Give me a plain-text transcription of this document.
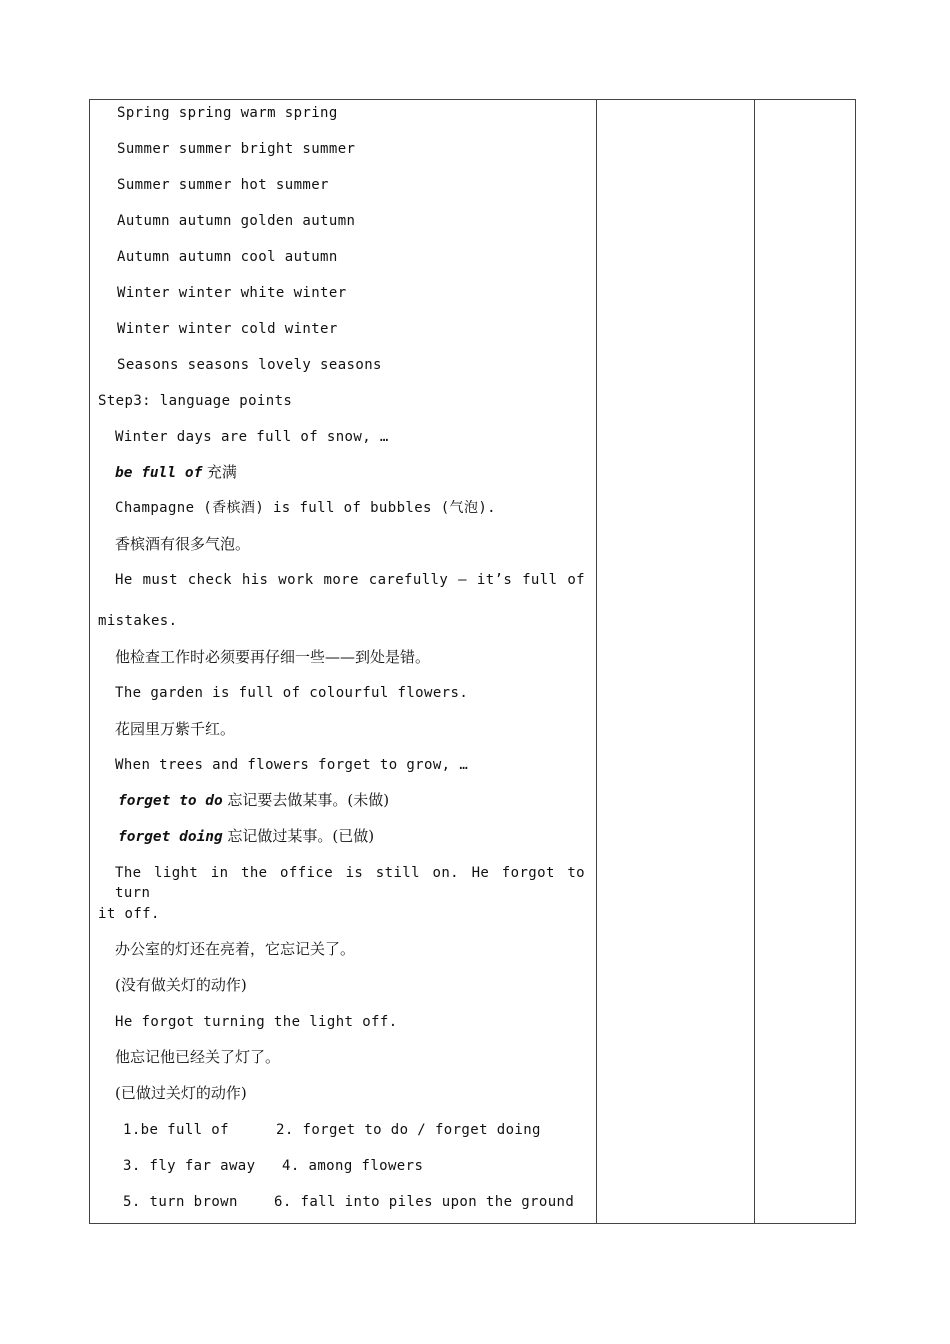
Spring spring warm spring
Summer summer bright summer
Summer summer hot summer
Autumn autumn golden autumn
Autumn autumn cool autumn
Winter winter white winter
Winter winter cold winter
Seasons seasons lovely seasons
Step3: language points
Winter days are full of snow, …
be full of 充满
Champagne (香槟酒) is full of bubbles (气泡).
香槟酒有很多气泡。
He must check his work more carefully — it’s full of
mistakes.
他检查工作时必须要再仔细一些——到处是错。
The garden is full of colourful flowers.
花园里万紫千红。
When trees and flowers forget to grow, …
forget to do 忘记要去做某事。(未做)
forget doing 忘记做过某事。(已做)
The light in the office is still on. He forgot to turn
it off.
办公室的灯还在亮着，它忘记关了。
(没有做关灯的动作)
He forgot turning the light off.
他忘记他已经关了灯了。
(已做过关灯的动作)
1.be full of	2. forget to do / forget doing
3. fly far away 4. among flowers
5. turn brown	6. fall into piles upon the ground
